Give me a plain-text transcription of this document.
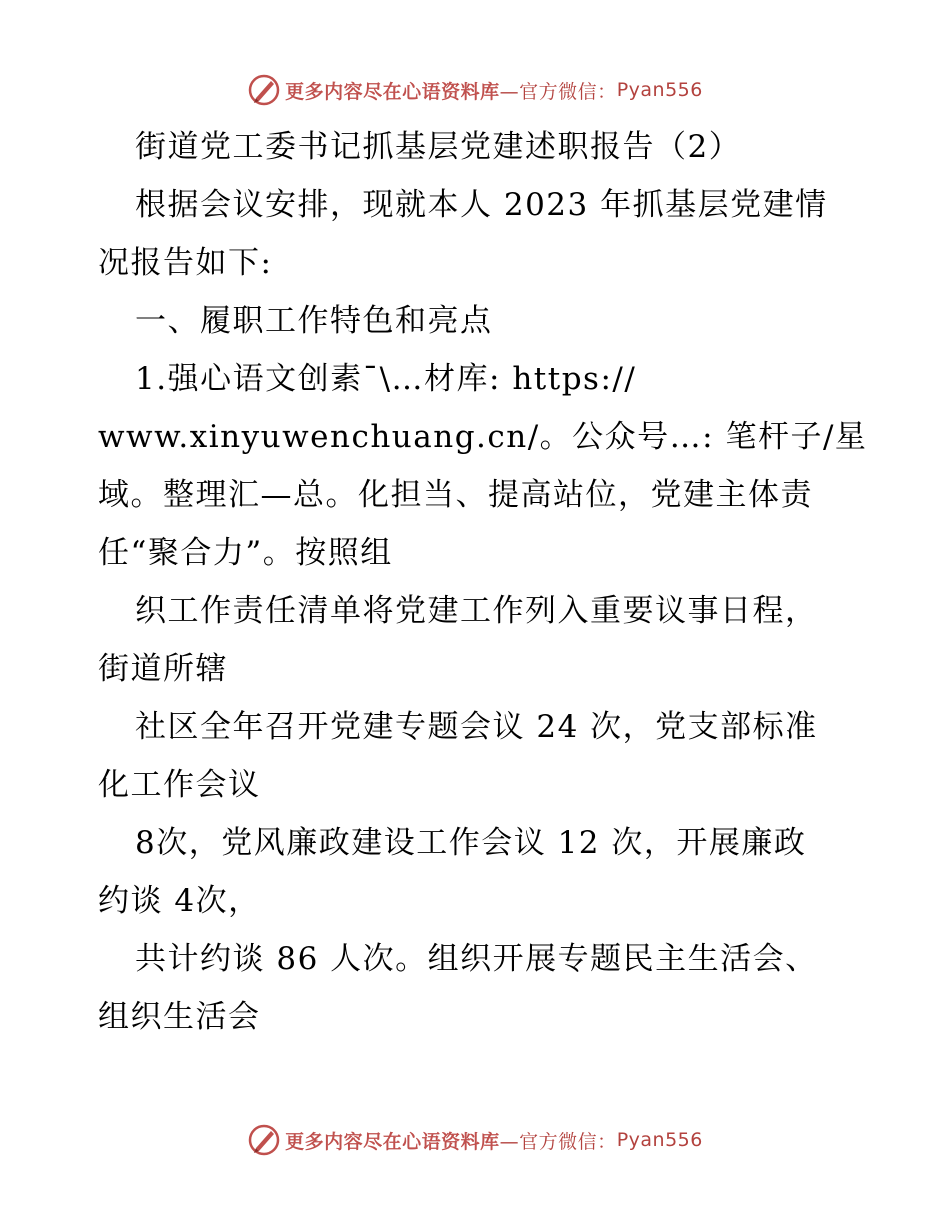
更多内容尽在心语资料库 —官方微信： Pyan556
街道党工委书记抓基层党建述职报告（2）
根据会议安排，现就本人 2023 年抓基层党建情
况报告如下:
一、履职工作特色和亮点
1.强心语文创素¯\…材库: https://
www.xinyuwenchuang.cn/。公众号…: 笔杆子/星
域。整理汇—总。化担当、提高站位，党建主体责
任“聚合力”。按照组
织工作责任清单将党建工作列入重要议事日程，
街道所辖
社区全年召开党建专题会议 24 次，党支部标准
化工作会议
8次，党风廉政建设工作会议 12 次，开展廉政
约谈 4次，
共计约谈 86 人次。组织开展专题民主生活会、
组织生活会
更多内容尽在心语资料库 —官方微信： Pyan556
